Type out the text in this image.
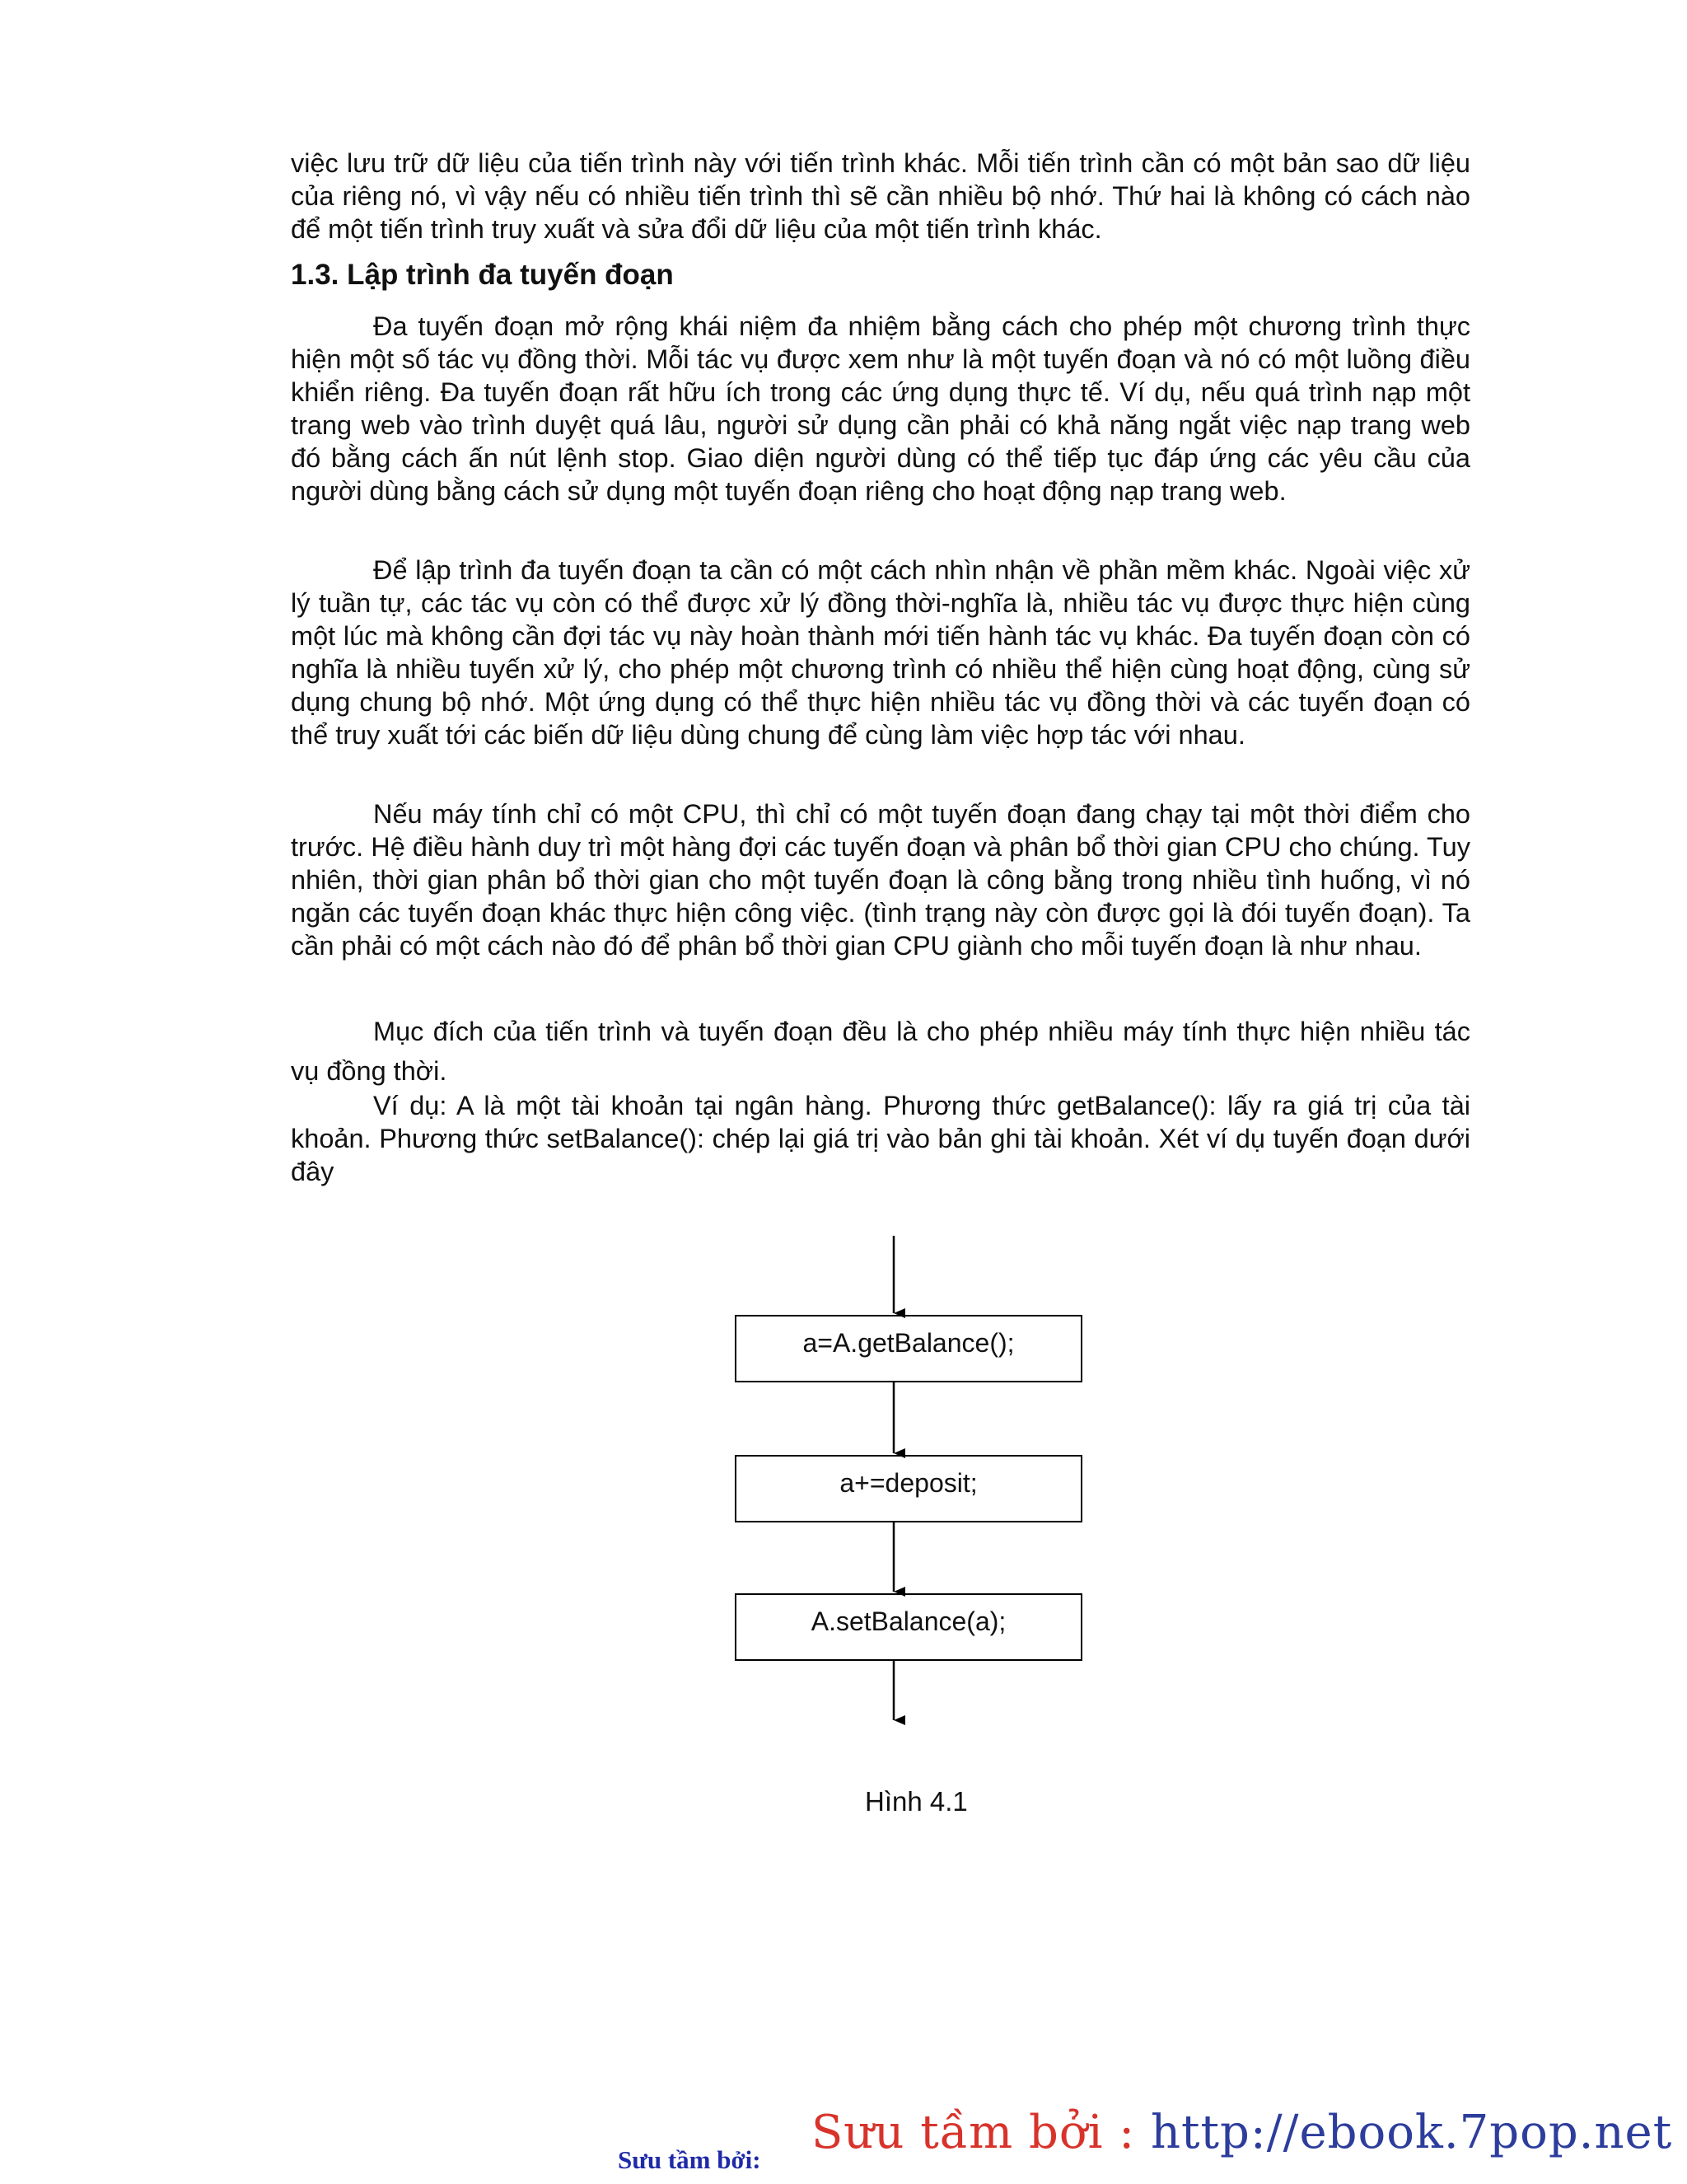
việc lưu trữ dữ liệu của tiến trình này với tiến trình khác. Mỗi tiến trình cần có một bản sao dữ liệu của riêng nó, vì vậy nếu có nhiều tiến trình thì sẽ cần nhiều bộ nhớ. Thứ hai là không có cách nào để một tiến trình truy xuất và sửa đổi dữ liệu của một tiến trình khác.

1.3. Lập trình đa tuyến đoạn

Đa tuyến đoạn mở rộng khái niệm đa nhiệm bằng cách cho phép một chương trình thực hiện một số tác vụ đồng thời. Mỗi tác vụ được xem như là một tuyến đoạn và nó có một luồng điều khiển riêng. Đa tuyến đoạn rất hữu ích trong các ứng dụng thực tế. Ví dụ, nếu quá trình nạp một trang web vào trình duyệt quá lâu, người sử dụng cần phải có khả năng ngắt việc nạp trang web đó bằng cách ấn nút lệnh stop. Giao diện người dùng có thể tiếp tục đáp ứng các yêu cầu của người dùng bằng cách sử dụng một tuyến đoạn riêng cho hoạt động nạp trang web.

Để lập trình đa tuyến đoạn ta cần có một cách nhìn nhận về phần mềm khác. Ngoài việc xử lý tuần tự, các tác vụ còn có thể được xử lý đồng thời-nghĩa là, nhiều tác vụ được thực hiện cùng một lúc mà không cần đợi tác vụ này hoàn thành mới tiến hành tác vụ khác. Đa tuyến đoạn còn có nghĩa là nhiều tuyến xử lý, cho phép một chương trình có nhiều thể hiện cùng hoạt động, cùng sử dụng chung bộ nhớ. Một ứng dụng có thể thực hiện nhiều tác vụ đồng thời và các tuyến đoạn có thể truy xuất tới các biến dữ liệu dùng chung để cùng làm việc hợp tác với nhau.

Nếu máy tính chỉ có một CPU, thì chỉ có một tuyến đoạn đang chạy tại một thời điểm cho trước. Hệ điều hành duy trì một hàng đợi các tuyến đoạn và phân bổ thời gian CPU cho chúng. Tuy nhiên, thời gian phân bổ thời gian cho một tuyến đoạn là công bằng trong nhiều tình huống, vì nó ngăn các tuyến đoạn khác thực hiện công việc. (tình trạng này còn được gọi là đói tuyến đoạn). Ta cần phải có một cách nào đó để phân bổ thời gian CPU giành cho mỗi tuyến đoạn là như nhau.

Mục đích của tiến trình và tuyến đoạn đều là cho phép nhiều máy tính thực hiện nhiều tác vụ đồng thời.

Ví dụ: A là một tài khoản tại ngân hàng. Phương thức getBalance(): lấy ra giá trị của tài khoản. Phương thức setBalance(): chép lại giá trị vào bản ghi tài khoản. Xét ví dụ tuyến đoạn dưới đây

a=A.getBalance();
a+=deposit;
A.setBalance(a);
Hình 4.1
Sưu tầm bởi : http://ebook.7pop.net
Sưu tầm bởi:
